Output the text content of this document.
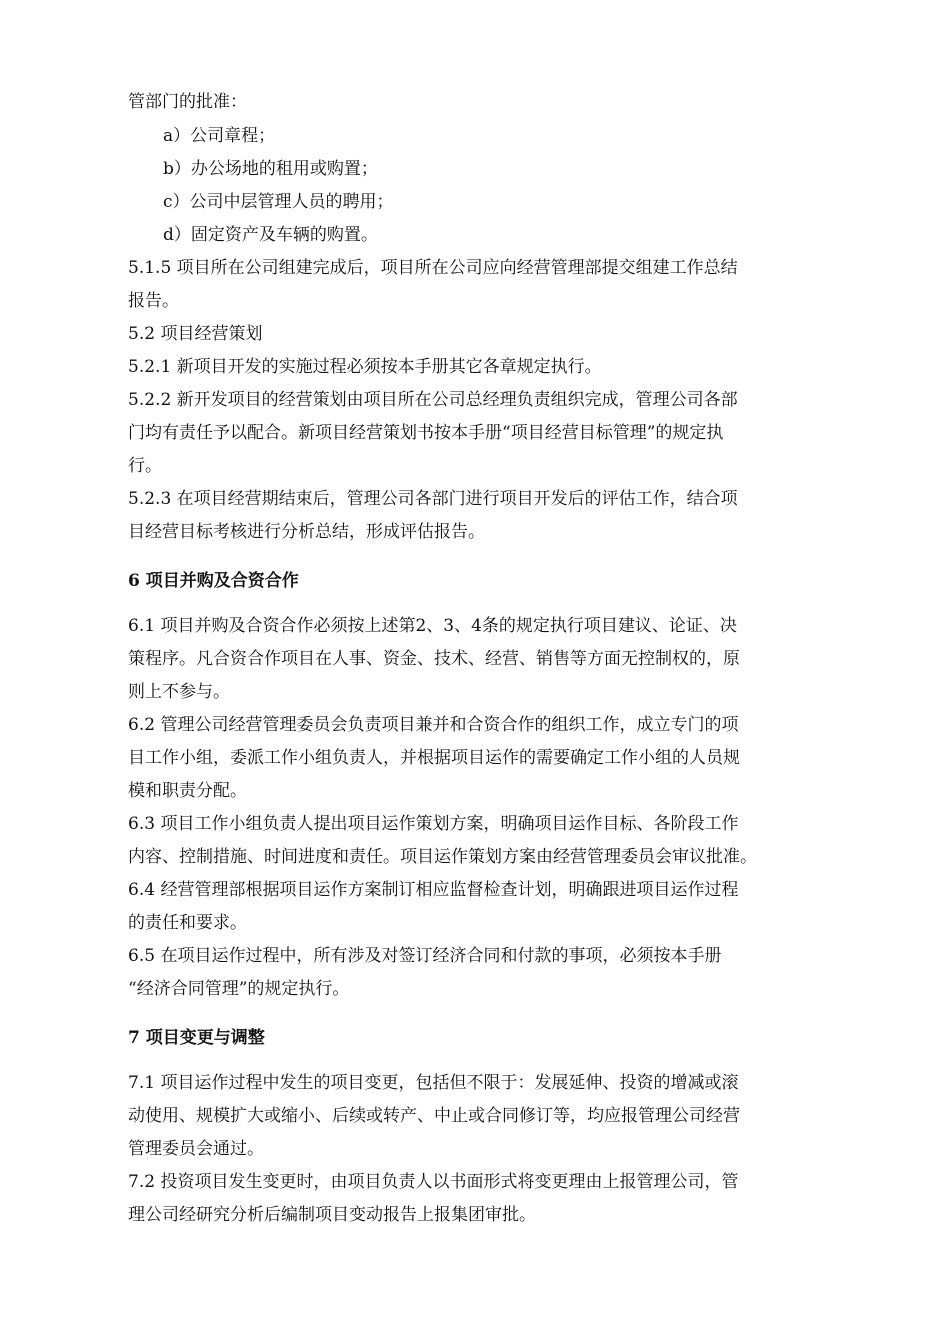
管部门的批准：

a）公司章程；

b）办公场地的租用或购置；

c）公司中层管理人员的聘用；

d）固定资产及车辆的购置。

5.1.5 项目所在公司组建完成后，项目所在公司应向经营管理部提交组建工作总结

报告。

5.2 项目经营策划

5.2.1 新项目开发的实施过程必须按本手册其它各章规定执行。

5.2.2 新开发项目的经营策划由项目所在公司总经理负责组织完成，管理公司各部

门均有责任予以配合。新项目经营策划书按本手册“项目经营目标管理”的规定执

行。

5.2.3 在项目经营期结束后，管理公司各部门进行项目开发后的评估工作，结合项

目经营目标考核进行分析总结，形成评估报告。

6 项目并购及合资合作

6.1 项目并购及合资合作必须按上述第2、3、4条的规定执行项目建议、论证、决

策程序。凡合资合作项目在人事、资金、技术、经营、销售等方面无控制权的，原

则上不参与。

6.2 管理公司经营管理委员会负责项目兼并和合资合作的组织工作，成立专门的项

目工作小组，委派工作小组负责人，并根据项目运作的需要确定工作小组的人员规

模和职责分配。

6.3 项目工作小组负责人提出项目运作策划方案，明确项目运作目标、各阶段工作

内容、控制措施、时间进度和责任。项目运作策划方案由经营管理委员会审议批准。

6.4 经营管理部根据项目运作方案制订相应监督检查计划，明确跟进项目运作过程

的责任和要求。

6.5 在项目运作过程中，所有涉及对签订经济合同和付款的事项，必须按本手册

“经济合同管理”的规定执行。

7 项目变更与调整

7.1 项目运作过程中发生的项目变更，包括但不限于：发展延伸、投资的增减或滚

动使用、规模扩大或缩小、后续或转产、中止或合同修订等，均应报管理公司经营

管理委员会通过。

7.2 投资项目发生变更时，由项目负责人以书面形式将变更理由上报管理公司，管

理公司经研究分析后编制项目变动报告上报集团审批。
